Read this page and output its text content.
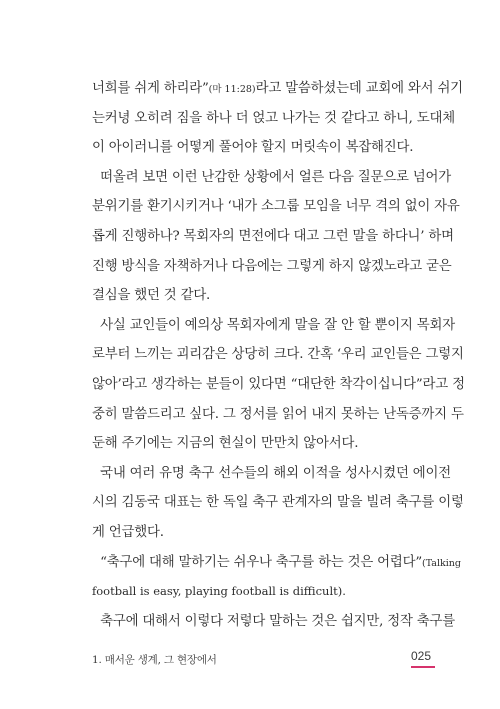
너희를 쉬게 하리라”(마 11:28)라고 말씀하셨는데 교회에 와서 쉬기
는커녕 오히려 짐을 하나 더 얹고 나가는 것 같다고 하니, 도대체
이 아이러니를 어떻게 풀어야 할지 머릿속이 복잡해진다.
떠올려 보면 이런 난감한 상황에서 얼른 다음 질문으로 넘어가
분위기를 환기시키거나 ‘내가 소그룹 모임을 너무 격의 없이 자유
롭게 진행하나? 목회자의 면전에다 대고 그런 말을 하다니’ 하며
진행 방식을 자책하거나 다음에는 그렇게 하지 않겠노라고 굳은
결심을 했던 것 같다.
사실 교인들이 예의상 목회자에게 말을 잘 안 할 뿐이지 목회자
로부터 느끼는 괴리감은 상당히 크다. 간혹 ‘우리 교인들은 그렇지
않아’라고 생각하는 분들이 있다면 “대단한 착각이십니다”라고 정
중히 말씀드리고 싶다. 그 정서를 읽어 내지 못하는 난독증까지 두
둔해 주기에는 지금의 현실이 만만치 않아서다.
국내 여러 유명 축구 선수들의 해외 이적을 성사시켰던 에이전
시의 김동국 대표는 한 독일 축구 관계자의 말을 빌려 축구를 이렇
게 언급했다.
“축구에 대해 말하기는 쉬우나 축구를 하는 것은 어렵다”(Talking
football is easy, playing football is difficult).
축구에 대해서 이렇다 저렇다 말하는 것은 쉽지만, 정작 축구를
1. 매서운 생계, 그 현장에서	025
